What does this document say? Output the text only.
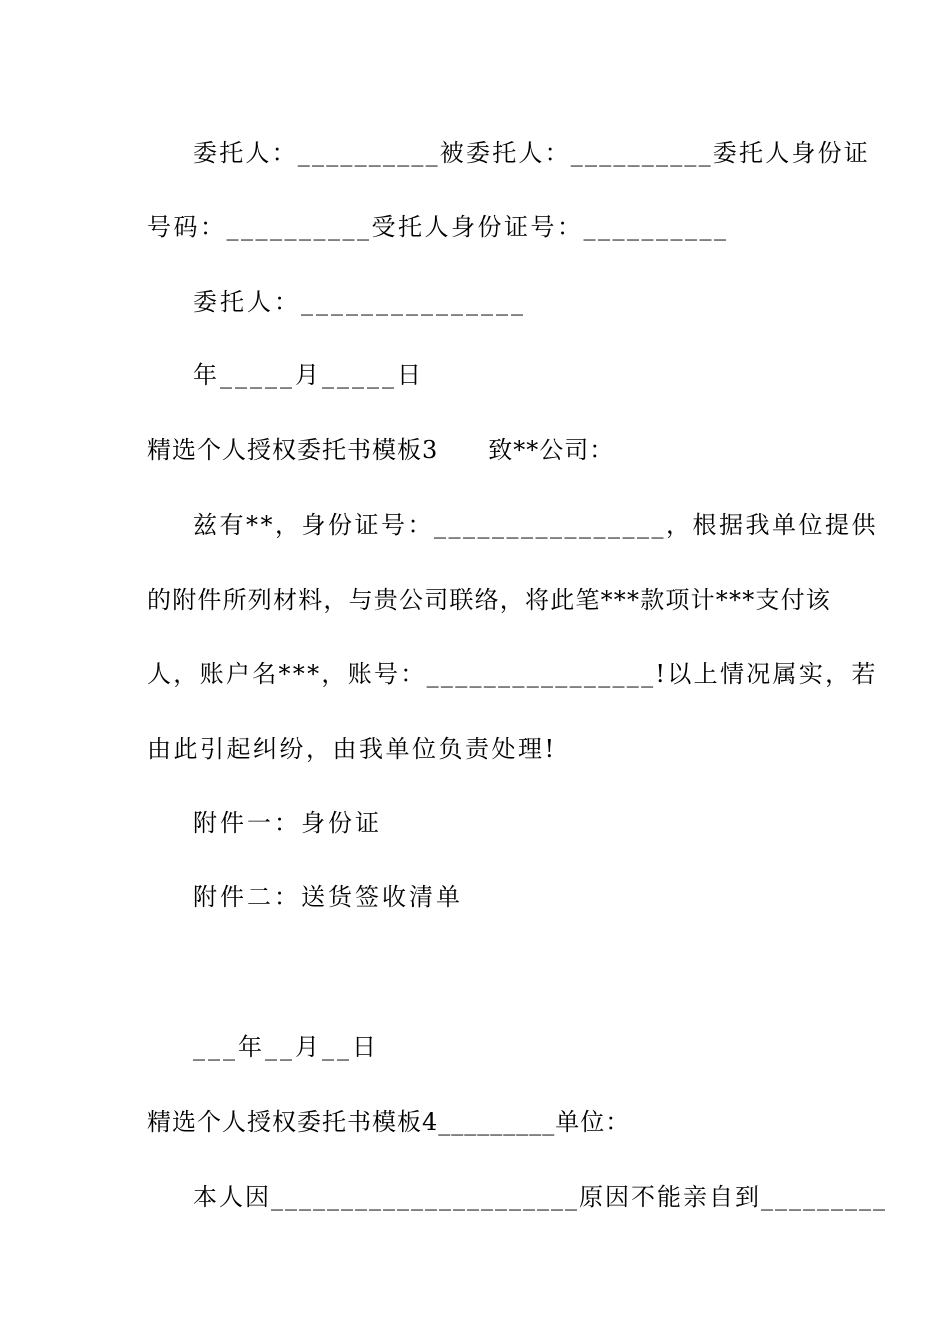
委托人：__________被委托人：__________委托人身份证
号码：__________受托人身份证号：__________
委托人：_______________
年_____月_____日
精选个人授权委托书模板3　　致**公司：
兹有**，身份证号：________________，根据我单位提供
的附件所列材料，与贵公司联络，将此笔***款项计***支付该
人，账户名***，账号：________________!以上情况属实，若
由此引起纠纷，由我单位负责处理!
附件一：身份证
附件二：送货签收清单
___年__月__日
精选个人授权委托书模板4_________单位：
本人因______________________原因不能亲自到_________
